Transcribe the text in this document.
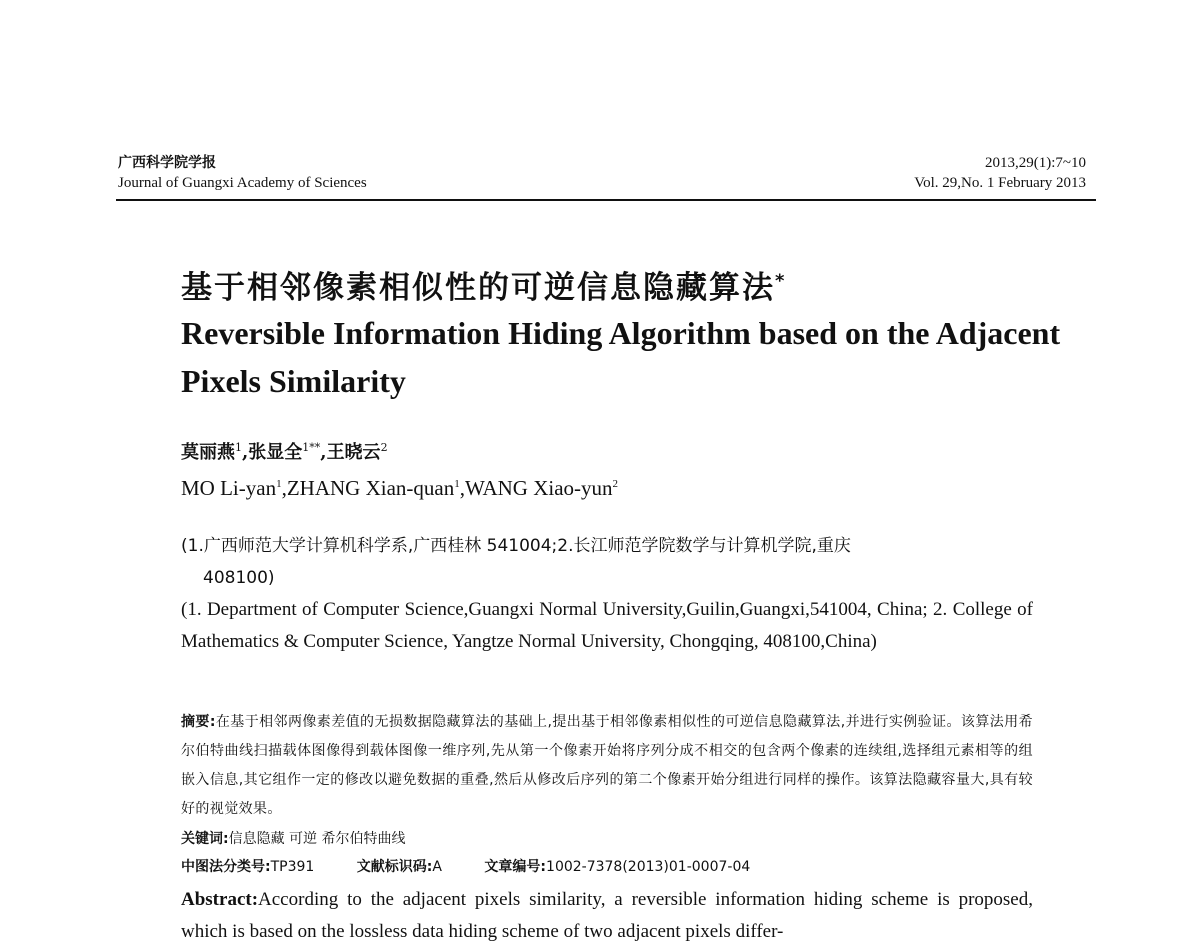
广西科学院学报
Journal of Guangxi Academy of Sciences
2013,29(1):7~10
Vol. 29,No. 1 February 2013
基于相邻像素相似性的可逆信息隐藏算法*
Reversible Information Hiding Algorithm based on the Adjacent Pixels Similarity
莫丽燕$^1$,张显全$^{1**}$,王晓云$^2$
MO Li-yan$^1$,ZHANG Xian-quan$^1$,WANG Xiao-yun$^2$
(1.广西师范大学计算机科学系,广西桂林 541004;2.长江师范学院数学与计算机学院,重庆
408100)
(1. Department of Computer Science,Guangxi Normal University,Guilin,Guangxi,541004, China; 2. College of Mathematics & Computer Science, Yangtze Normal University, Chongqing, 408100,China)
摘要:在基于相邻两像素差值的无损数据隐藏算法的基础上,提出基于相邻像素相似性的可逆信息隐藏算法,并进行实例验证。该算法用希尔伯特曲线扫描载体图像得到载体图像一维序列,先从第一个像素开始将序列分成不相交的包含两个像素的连续组,选择组元素相等的组嵌入信息,其它组作一定的修改以避免数据的重叠,然后从修改后序列的第二个像素开始分组进行同样的操作。该算法隐藏容量大,具有较好的视觉效果。
关键词:信息隐藏 可逆 希尔伯特曲线
中图法分类号:TP391	文献标识码:A	文章编号:1002-7378(2013)01-0007-04
Abstract:According to the adjacent pixels similarity, a reversible information hiding scheme is proposed, which is based on the lossless data hiding scheme of two adjacent pixels differ-
